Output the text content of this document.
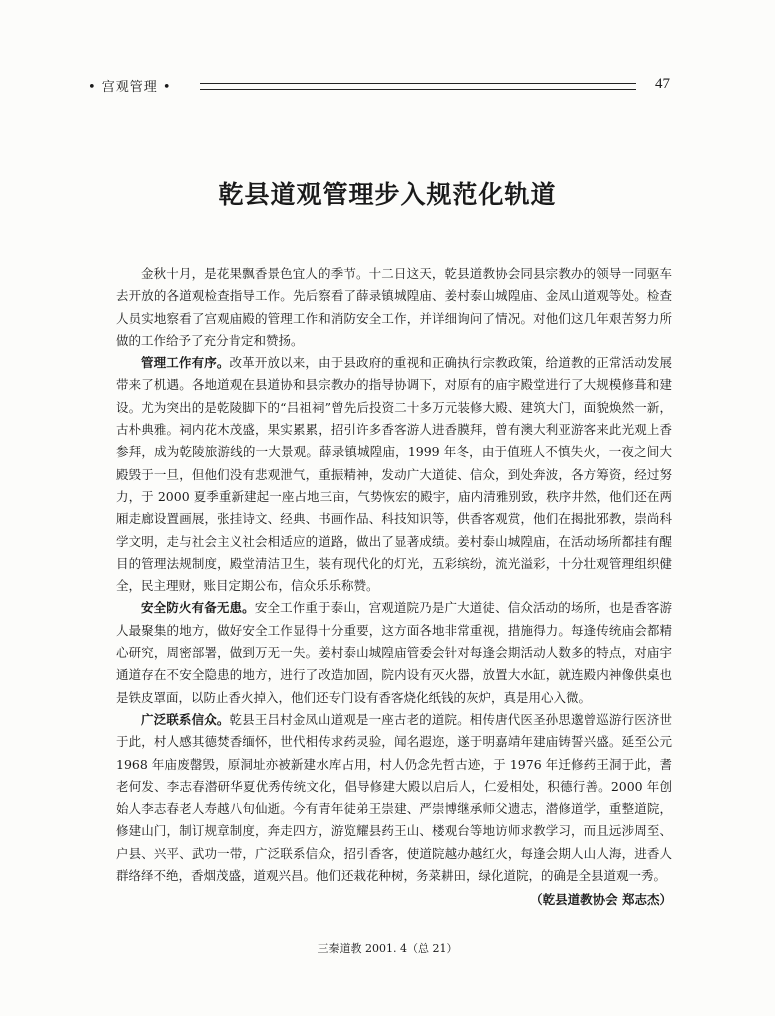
• 宫观管理 •	47
乾县道观管理步入规范化轨道

金秋十月，是花果飘香景色宜人的季节。十二日这天，乾县道教协会同县宗教办的领导一同驱车去开放的各道观检查指导工作。先后察看了薛录镇城隍庙、姜村泰山城隍庙、金凤山道观等处。检查人员实地察看了宫观庙殿的管理工作和消防安全工作，并详细询问了情况。对他们这几年艰苦努力所做的工作给予了充分肯定和赞扬。

管理工作有序。改革开放以来，由于县政府的重视和正确执行宗教政策，给道教的正常活动发展带来了机遇。各地道观在县道协和县宗教办的指导协调下，对原有的庙宇殿堂进行了大规模修葺和建设。尤为突出的是乾陵脚下的“吕祖祠”曾先后投资二十多万元装修大殿、建筑大门，面貌焕然一新，古朴典雅。祠内花木茂盛，果实累累，招引许多香客游人进香膜拜，曾有澳大利亚游客来此光观上香参拜，成为乾陵旅游线的一大景观。薛录镇城隍庙，1999 年冬，由于值班人不慎失火，一夜之间大殿毁于一旦，但他们没有悲观泄气，重振精神，发动广大道徒、信众，到处奔波，各方筹资，经过努力，于 2000 夏季重新建起一座占地三亩，气势恢宏的殿宇，庙内清雅别致，秩序井然，他们还在两厢走廊设置画展，张挂诗文、经典、书画作品、科技知识等，供香客观赏，他们在揭批邪教，崇尚科学文明，走与社会主义社会相适应的道路，做出了显著成绩。姜村泰山城隍庙，在活动场所都挂有醒目的管理法规制度，殿堂清洁卫生，装有现代化的灯光，五彩缤纷，流光溢彩，十分壮观管理组织健全，民主理财，账目定期公布，信众乐乐称赞。

安全防火有备无患。安全工作重于泰山，宫观道院乃是广大道徒、信众活动的场所，也是香客游人最聚集的地方，做好安全工作显得十分重要，这方面各地非常重视，措施得力。每逢传统庙会都精心研究，周密部署，做到万无一失。姜村泰山城隍庙管委会针对每逢会期活动人数多的特点，对庙宇通道存在不安全隐患的地方，进行了改造加固，院内设有灭火器，放置大水缸，就连殿内神像供桌也是铁皮罩面，以防止香火掉入，他们还专门设有香客烧化纸钱的灰炉，真是用心入微。

广泛联系信众。乾县王吕村金凤山道观是一座古老的道院。相传唐代医圣孙思邈曾巡游行医济世于此，村人感其德焚香缅怀，世代相传求药灵验，闻名遐迩，遂于明嘉靖年建庙铸誓兴盛。延至公元 1968 年庙废罄毁，原洞址亦被新建水库占用，村人仍念先哲古迹，于 1976 年迁修药王洞于此，耆老何发、李志春潜研华夏优秀传统文化，倡导修建大殿以启后人，仁爱相处，积德行善。2000 年创始人李志春老人寿越八旬仙逝。今有青年徒弟王崇建、严崇博继承师父遗志，潜修道学，重整道院，修建山门，制订规章制度，奔走四方，游览耀县药王山、楼观台等地访师求教学习，而且远涉周至、户县、兴平、武功一带，广泛联系信众，招引香客，使道院越办越红火，每逢会期人山人海，进香人群络绎不绝，香烟茂盛，道观兴昌。他们还栽花种树，务菜耕田，绿化道院，的确是全县道观一秀。

（乾县道教协会 郑志杰）
三秦道教 2001. 4（总 21）
